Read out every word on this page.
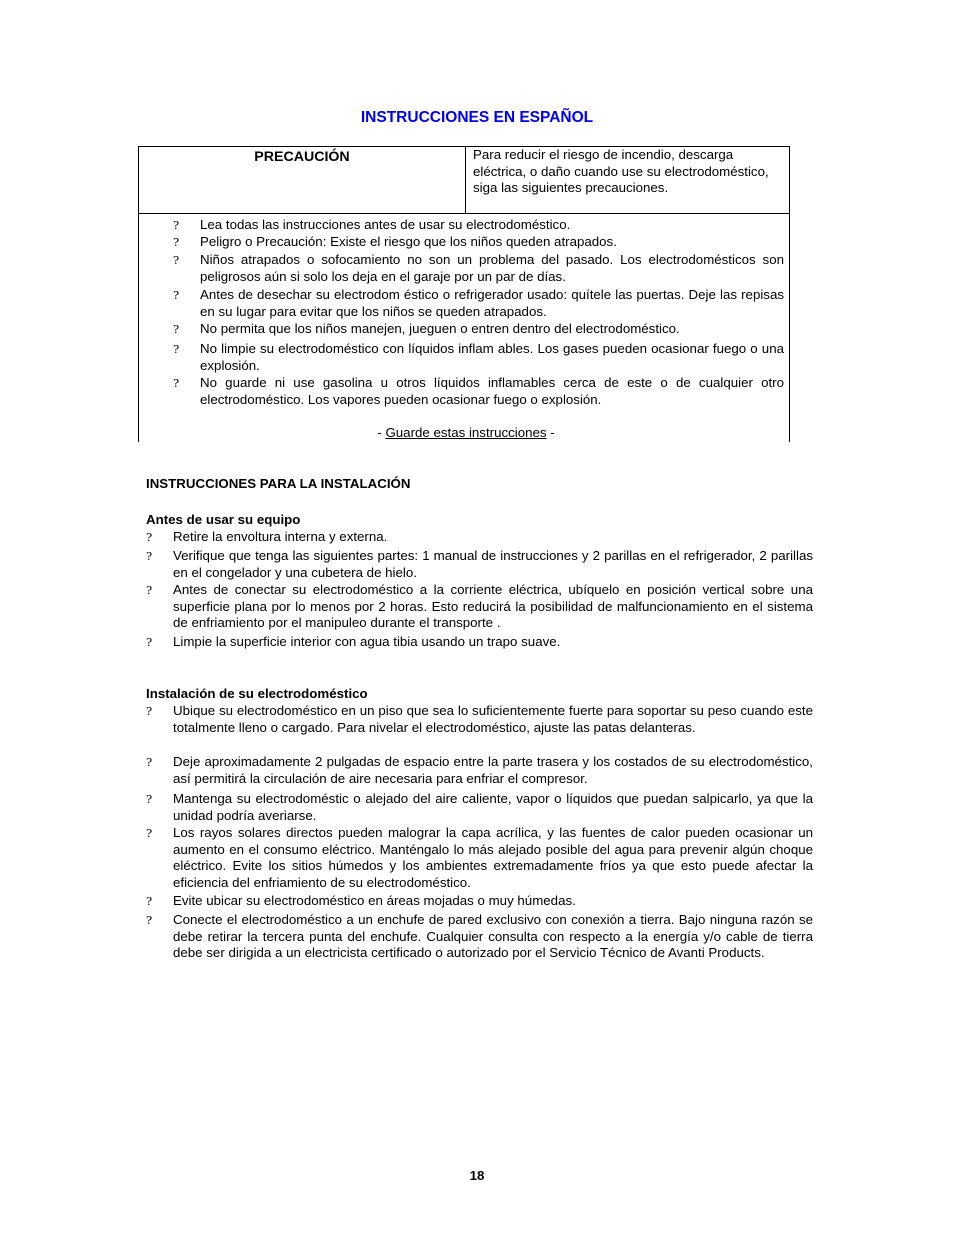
INSTRUCCIONES EN ESPAÑOL
PRECAUCIÓN	Para reducir el riesgo de incendio, descarga eléctrica, o daño cuando use su electrodoméstico, siga las siguientes precauciones.
? Lea todas las instrucciones antes de usar su electrodoméstico.
? Peligro o Precaución: Existe el riesgo que los niños queden atrapados.
? Niños atrapados o sofocamiento no son un problema del pasado. Los electrodomésticos son peligrosos aún si solo los deja en el garaje por un par de días.
? Antes de desechar su electrodom éstico o refrigerador usado: quítele las puertas. Deje las repisas en su lugar para evitar que los niños se queden atrapados.
? No permita que los niños manejen, jueguen o entren dentro del electrodoméstico.
? No limpie su electrodoméstico con líquidos inflam ables. Los gases pueden ocasionar fuego o una explosión.
? No guarde ni use gasolina u otros líquidos inflamables cerca de este o de cualquier otro electrodoméstico. Los vapores pueden ocasionar fuego o explosión.
- Guarde estas instrucciones -
INSTRUCCIONES PARA LA INSTALACIÓN
Antes de usar su equipo
? Retire la envoltura interna y externa.
? Verifique que tenga las siguientes partes: 1 manual de instrucciones y 2 parillas en el refrigerador, 2 parillas en el congelador y una cubetera de hielo.
? Antes de conectar su electrodoméstico a la corriente eléctrica, ubíquelo en posición vertical sobre una superficie plana por lo menos por 2 horas. Esto reducirá la posibilidad de malfuncionamiento en el sistema de enfriamiento por el manipuleo durante el transporte .
? Limpie la superficie interior con agua tibia usando un trapo suave.
Instalación de su electrodoméstico
? Ubique su electrodoméstico en un piso que sea lo suficientemente fuerte para soportar su peso cuando este totalmente lleno o cargado. Para nivelar el electrodoméstico, ajuste las patas delanteras.
? Deje aproximadamente 2 pulgadas de espacio entre la parte trasera y los costados de su electrodoméstico, así permitirá la circulación de aire necesaria para enfriar el compresor.
? Mantenga su electrodoméstic o alejado del aire caliente, vapor o líquidos que puedan salpicarlo, ya que la unidad podría averiarse.
? Los rayos solares directos pueden malograr la capa acrílica, y las fuentes de calor pueden ocasionar un aumento en el consumo eléctrico. Manténgalo lo más alejado posible del agua para prevenir algún choque eléctrico. Evite los sitios húmedos y los ambientes extremadamente fríos ya que esto puede afectar la eficiencia del enfriamiento de su electrodoméstico.
? Evite ubicar su electrodoméstico en áreas mojadas o muy húmedas.
? Conecte el electrodoméstico a un enchufe de pared exclusivo con conexión a tierra. Bajo ninguna razón se debe retirar la tercera punta del enchufe. Cualquier consulta con respecto a la energía y/o cable de tierra debe ser dirigida a un electricista certificado o autorizado por el Servicio Técnico de Avanti Products.
18
